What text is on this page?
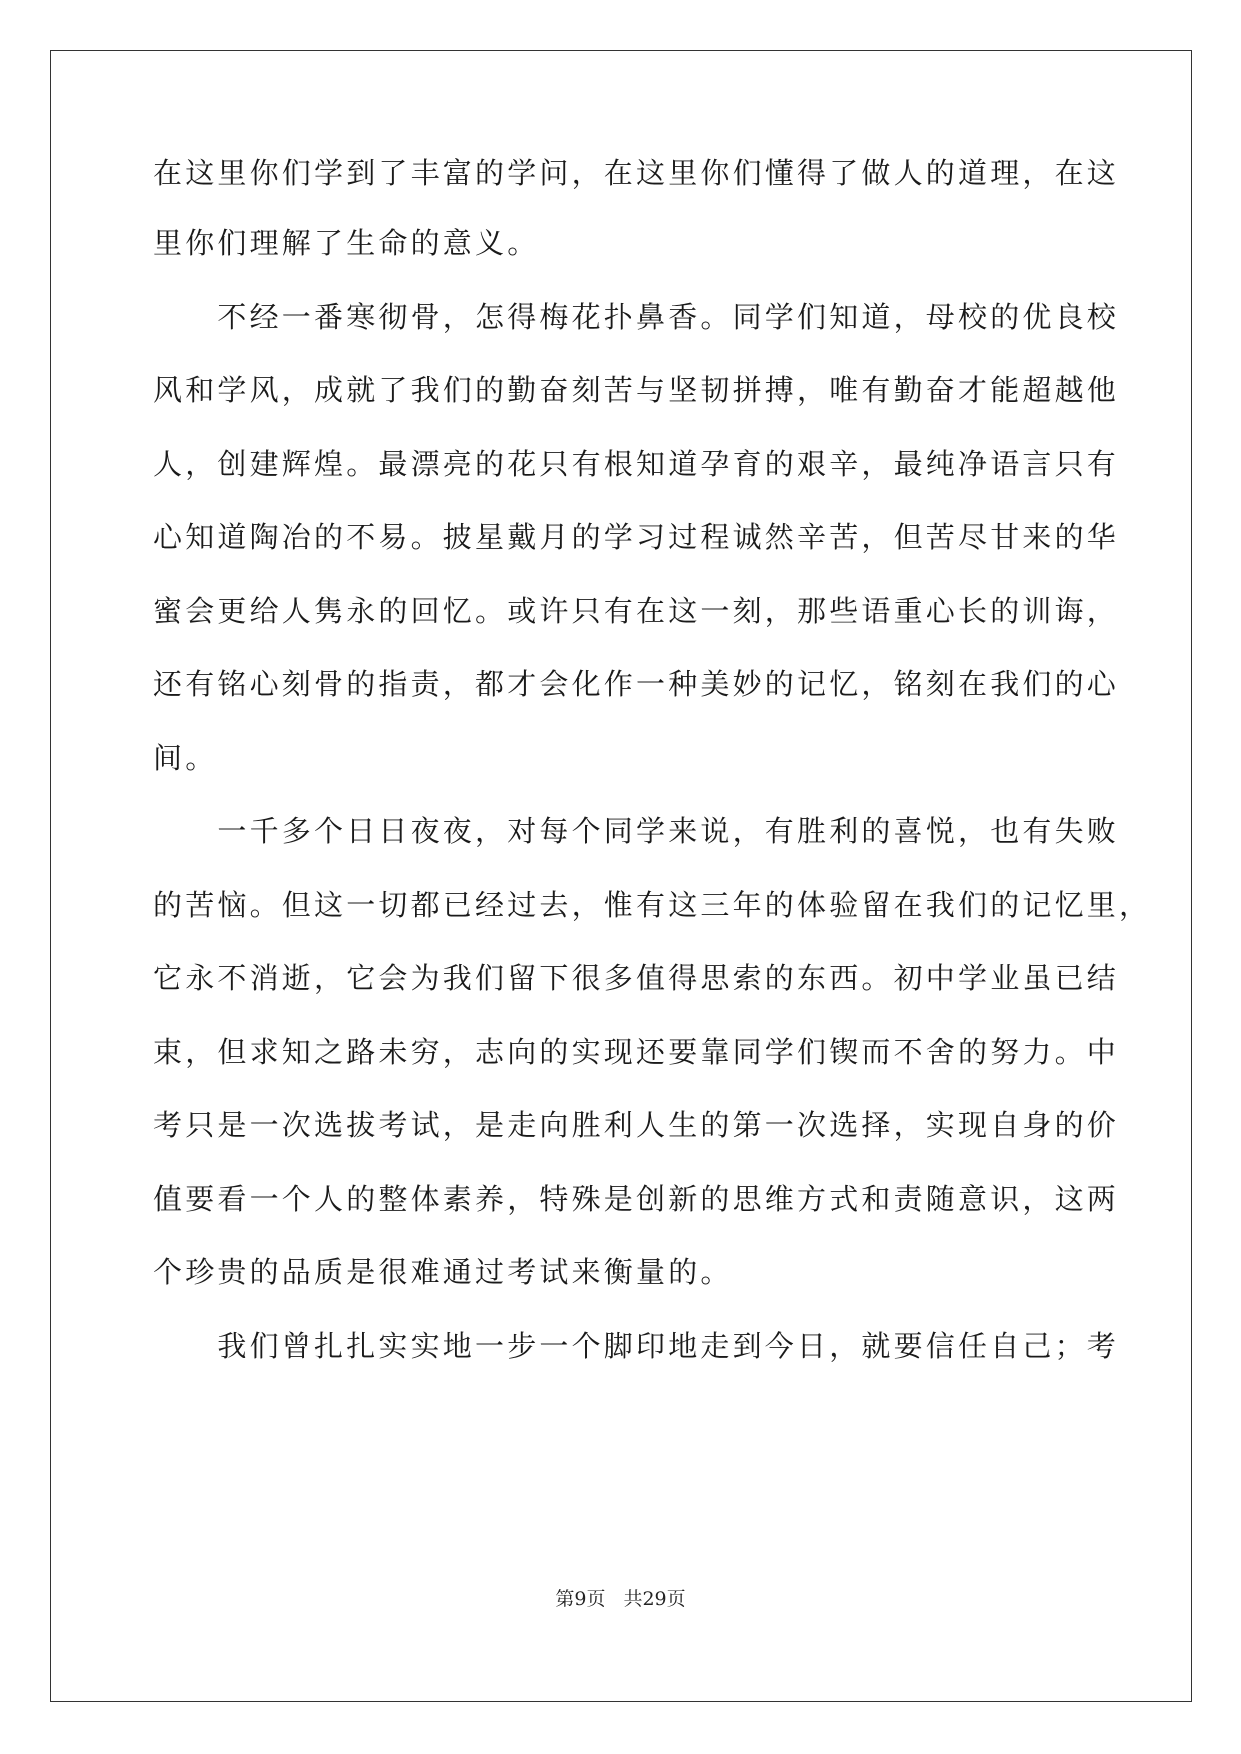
在这里你们学到了丰富的学问，在这里你们懂得了做人的道理，在这
里你们理解了生命的意义。
　　不经一番寒彻骨，怎得梅花扑鼻香。同学们知道，母校的优良校
风和学风，成就了我们的勤奋刻苦与坚韧拼搏，唯有勤奋才能超越他
人，创建辉煌。最漂亮的花只有根知道孕育的艰辛，最纯净语言只有
心知道陶冶的不易。披星戴月的学习过程诚然辛苦，但苦尽甘来的华
蜜会更给人隽永的回忆。或许只有在这一刻，那些语重心长的训诲，
还有铭心刻骨的指责，都才会化作一种美妙的记忆，铭刻在我们的心
间。
　　一千多个日日夜夜，对每个同学来说，有胜利的喜悦，也有失败
的苦恼。但这一切都已经过去，惟有这三年的体验留在我们的记忆里，
它永不消逝，它会为我们留下很多值得思索的东西。初中学业虽已结
束，但求知之路未穷，志向的实现还要靠同学们锲而不舍的努力。中
考只是一次选拔考试，是走向胜利人生的第一次选择，实现自身的价
值要看一个人的整体素养，特殊是创新的思维方式和责随意识，这两
个珍贵的品质是很难通过考试来衡量的。
　　我们曾扎扎实实地一步一个脚印地走到今日，就要信任自己；考
第9页 共29页
